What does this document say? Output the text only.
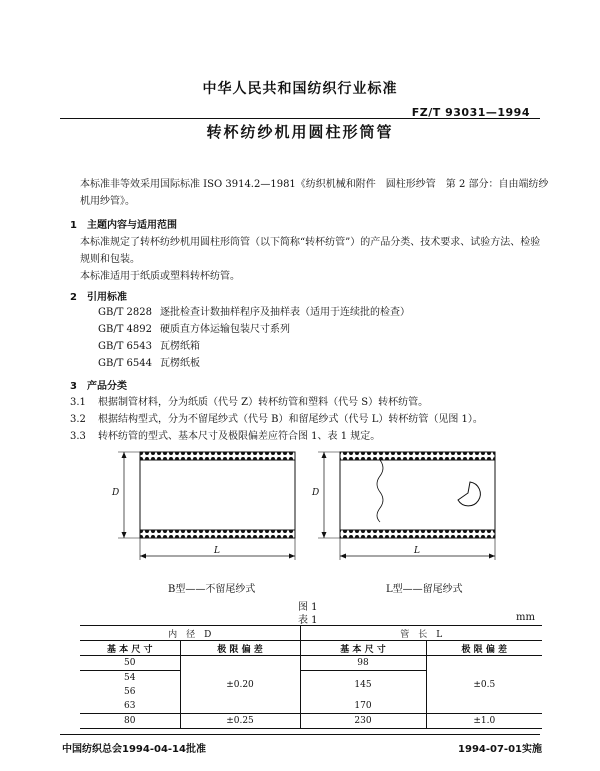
中华人民共和国纺织行业标准
FZ/T 93031—1994
转杯纺纱机用圆柱形筒管
本标准非等效采用国际标准 ISO 3914.2—1981《纺织机械和附件　圆柱形纱管　第 2 部分：自由端纺纱机用纱管》。
1　主题内容与适用范围
本标准规定了转杯纺纱机用圆柱形筒管（以下简称“转杯纺管”）的产品分类、技术要求、试验方法、检验规则和包装。
本标准适用于纸质或塑料转杯纺管。
2　引用标准
GB/T 2828 逐批检查计数抽样程序及抽样表（适用于连续批的检查）
GB/T 4892 硬质直方体运输包装尺寸系列
GB/T 6543 瓦楞纸箱
GB/T 6544 瓦楞纸板
3　产品分类
3.1 根据制管材料，分为纸质（代号 Z）转杯纺管和塑料（代号 S）转杯纺管。
3.2 根据结构型式，分为不留尾纱式（代号 B）和留尾纱式（代号 L）转杯纺管（见图 1）。
3.3 转杯纺管的型式、基本尺寸及极限偏差应符合图 1、表 1 规定。
D
L
D
L
B型——不留尾纱式	L型——留尾纱式
图 1
表 1	mm
内　径　D		管　长　L	
基 本 尺 寸	极 限 偏 差	基 本 尺 寸	极 限 偏 差
50	±0.20	98	±0.5
54		145	
56			
63		170	
80	±0.25	230	±1.0
中国纺织总会1994-04-14批准	1994-07-01实施
